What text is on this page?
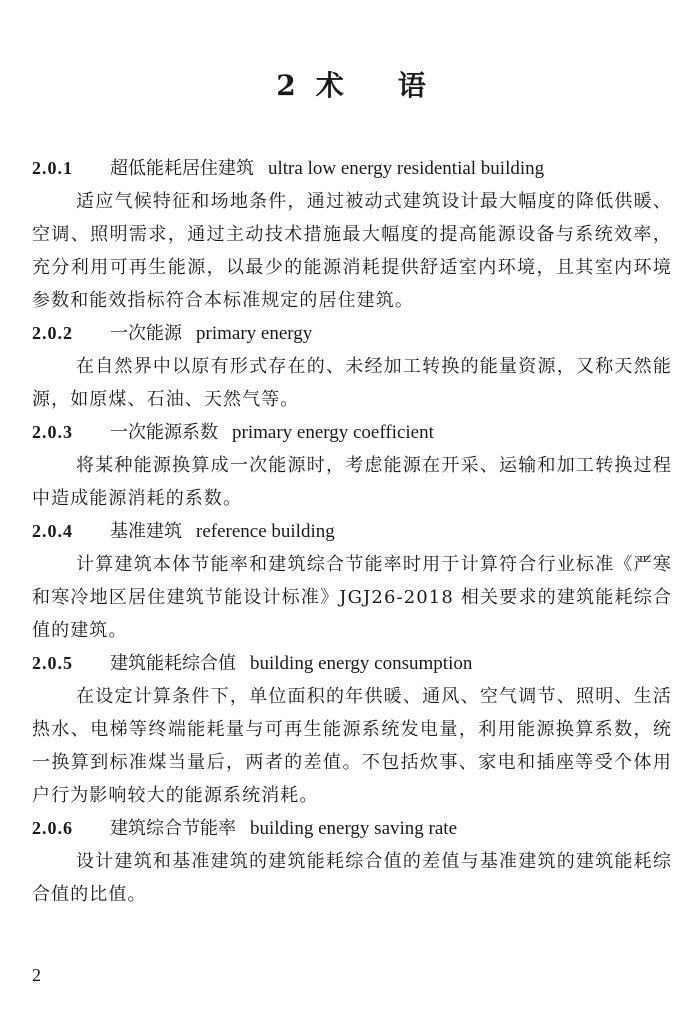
2 术 语
2.0.1 超低能耗居住建筑 ultra low energy residential building

适应气候特征和场地条件，通过被动式建筑设计最大幅度的降低供暖、空调、照明需求，通过主动技术措施最大幅度的提高能源设备与系统效率，充分利用可再生能源，以最少的能源消耗提供舒适室内环境，且其室内环境参数和能效指标符合本标准规定的居住建筑。

2.0.2 一次能源 primary energy

在自然界中以原有形式存在的、未经加工转换的能量资源，又称天然能源，如原煤、石油、天然气等。

2.0.3 一次能源系数 primary energy coefficient

将某种能源换算成一次能源时，考虑能源在开采、运输和加工转换过程中造成能源消耗的系数。

2.0.4 基准建筑 reference building

计算建筑本体节能率和建筑综合节能率时用于计算符合行业标准《严寒和寒冷地区居住建筑节能设计标准》JGJ26-2018 相关要求的建筑能耗综合值的建筑。

2.0.5 建筑能耗综合值 building energy consumption

在设定计算条件下，单位面积的年供暖、通风、空气调节、照明、生活热水、电梯等终端能耗量与可再生能源系统发电量，利用能源换算系数，统一换算到标准煤当量后，两者的差值。不包括炊事、家电和插座等受个体用户行为影响较大的能源系统消耗。

2.0.6 建筑综合节能率 building energy saving rate

设计建筑和基准建筑的建筑能耗综合值的差值与基准建筑的建筑能耗综合值的比值。

2
